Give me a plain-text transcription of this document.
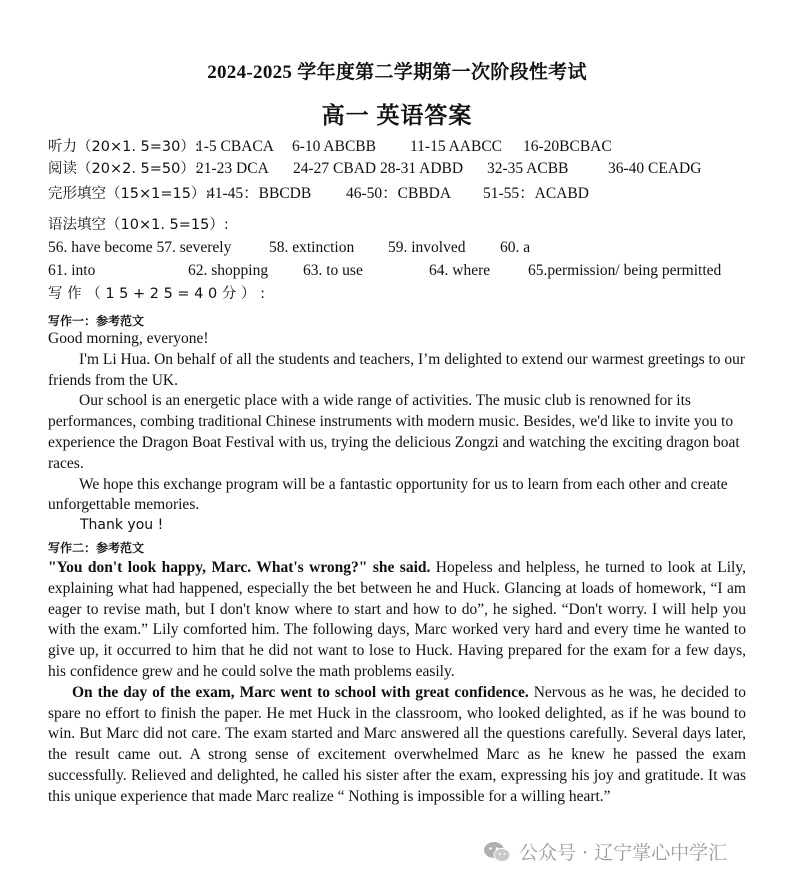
2024-2025 学年度第二学期第一次阶段性考试
高一 英语答案
听力（20×1. 5=30）:
1-5 CBACA 6-10 ABCBB 11-15 AABCC 16-20BCBAC
阅读（20×2. 5=50）:
21-23 DCA 24-27 CBAD 28-31 ADBD 32-35 ACBB	36-40 CEADG
完形填空（15×1=15）:
41-45：BBCDB 46-50：CBBDA 51-55：ACABD
语法填空（10×1. 5=15）:
56. have become 57. severely 58. extinction 59. involved 60. a
61. into	62. shopping 63. to use	64. where 65.permission/ being permitted
写 作 （ 1 5 + 2 5 = 4 0 分 ） :
写作一：参考范文

Good morning, everyone!

I'm Li Hua. On behalf of all the students and teachers, I’m delighted to extend our warmest greetings to our friends from the UK.

Our school is an energetic place with a wide range of activities. The music club is renowned for its performances, combing traditional Chinese instruments with modern music. Besides, we'd like to invite you to experience the Dragon Boat Festival with us, trying the delicious Zongzi and watching the exciting dragon boat races.

We hope this exchange program will be a fantastic opportunity for us to learn from each other and create unforgettable memories.

Thank you !
写作二：参考范文

"You don't look happy, Marc. What's wrong?" she said. Hopeless and helpless, he turned to look at Lily, explaining what had happened, especially the bet between he and Huck. Glancing at loads of homework, “I am eager to revise math, but I don't know where to start and how to do”, he sighed. “Don't worry. I will help you with the exam.” Lily comforted him. The following days, Marc worked very hard and every time he wanted to give up, it occurred to him that he did not want to lose to Huck. Having prepared for the exam for a few days, his confidence grew and he could solve the math problems easily.

On the day of the exam, Marc went to school with great confidence. Nervous as he was, he decided to spare no effort to finish the paper. He met Huck in the classroom, who looked delighted, as if he was bound to win. But Marc did not care. The exam started and Marc answered all the questions carefully. Several days later, the result came out. A strong sense of excitement overwhelmed Marc as he knew he passed the exam successfully. Relieved and delighted, he called his sister after the exam, expressing his joy and gratitude. It was this unique experience that made Marc realize “ Nothing is impossible for a willing heart.”

公众号 · 辽宁掌心中学汇
